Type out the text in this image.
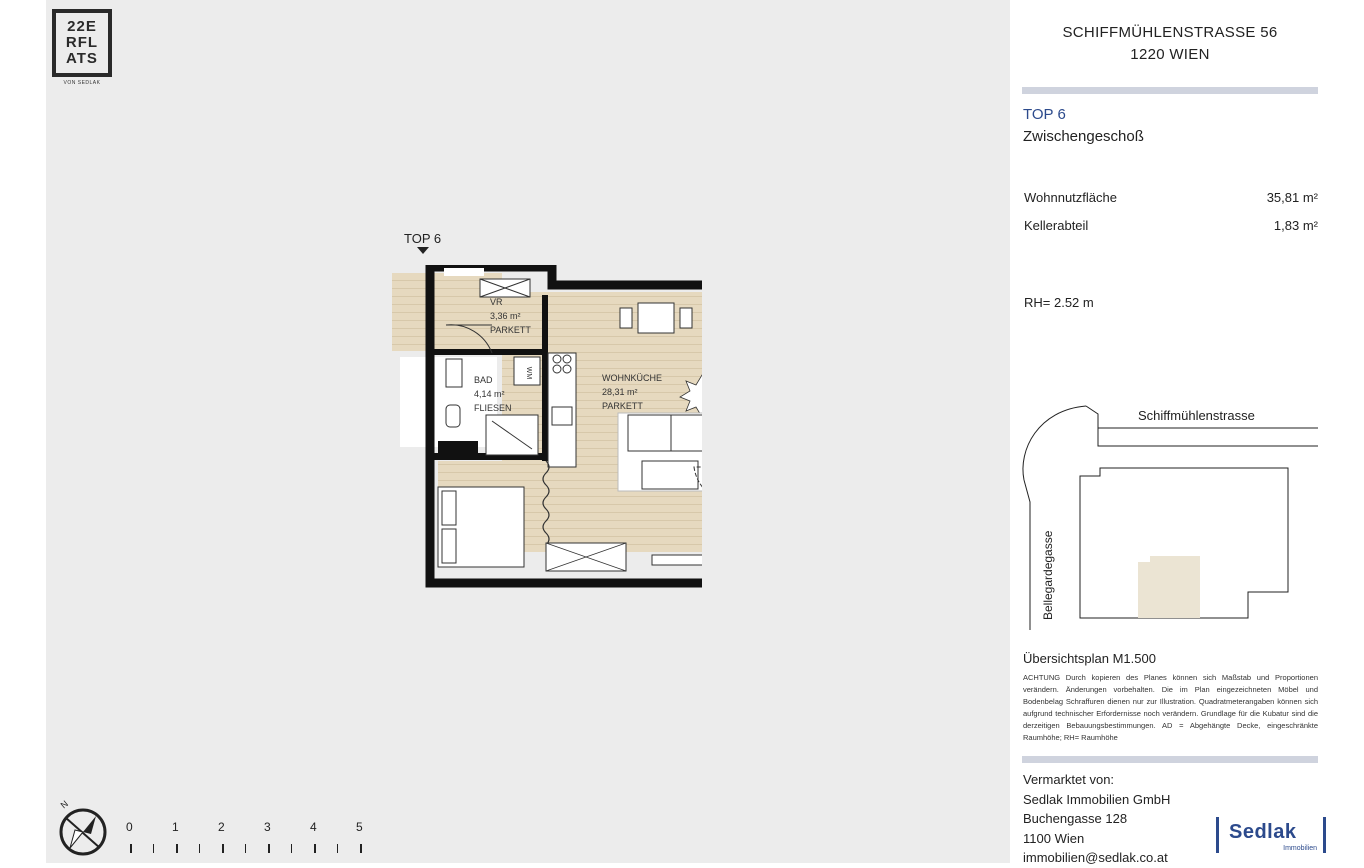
22E
RFL
ATS
VON SEDLAK
TOP 6
WM
VR
3,36 m²
PARKETT
BAD
4,14 m²
FLIESEN
WOHNKÜCHE
28,31 m²
PARKETT
N
0	1	2	3	4	5
SCHIFFMÜHLENSTRASSE 56
1220 WIEN
TOP 6
Zwischengeschoß
Wohnnutzfläche	35,81 m²
Kellerabteil	1,83 m²
RH= 2.52 m
Schiffmühlenstrasse
Bellegardegasse
Übersichtsplan M1.500
ACHTUNG Durch kopieren des Planes können sich Maßstab und Proportionen verändern. Änderungen vorbehalten. Die im Plan eingezeichneten Möbel und Bodenbelag Schraffuren dienen nur zur Illustration. Quadratmeterangaben können sich aufgrund technischer Erfordernisse noch verändern. Grundlage für die Kubatur sind die derzeitigen Bebauungsbestimmungen. AD = Abgehängte Decke, eingeschränkte Raumhöhe; RH= Raumhöhe
Vermarktet von:
Sedlak Immobilien GmbH
Buchengasse 128
1100 Wien
immobilien@sedlak.co.at
Sedlak
Immobilien
